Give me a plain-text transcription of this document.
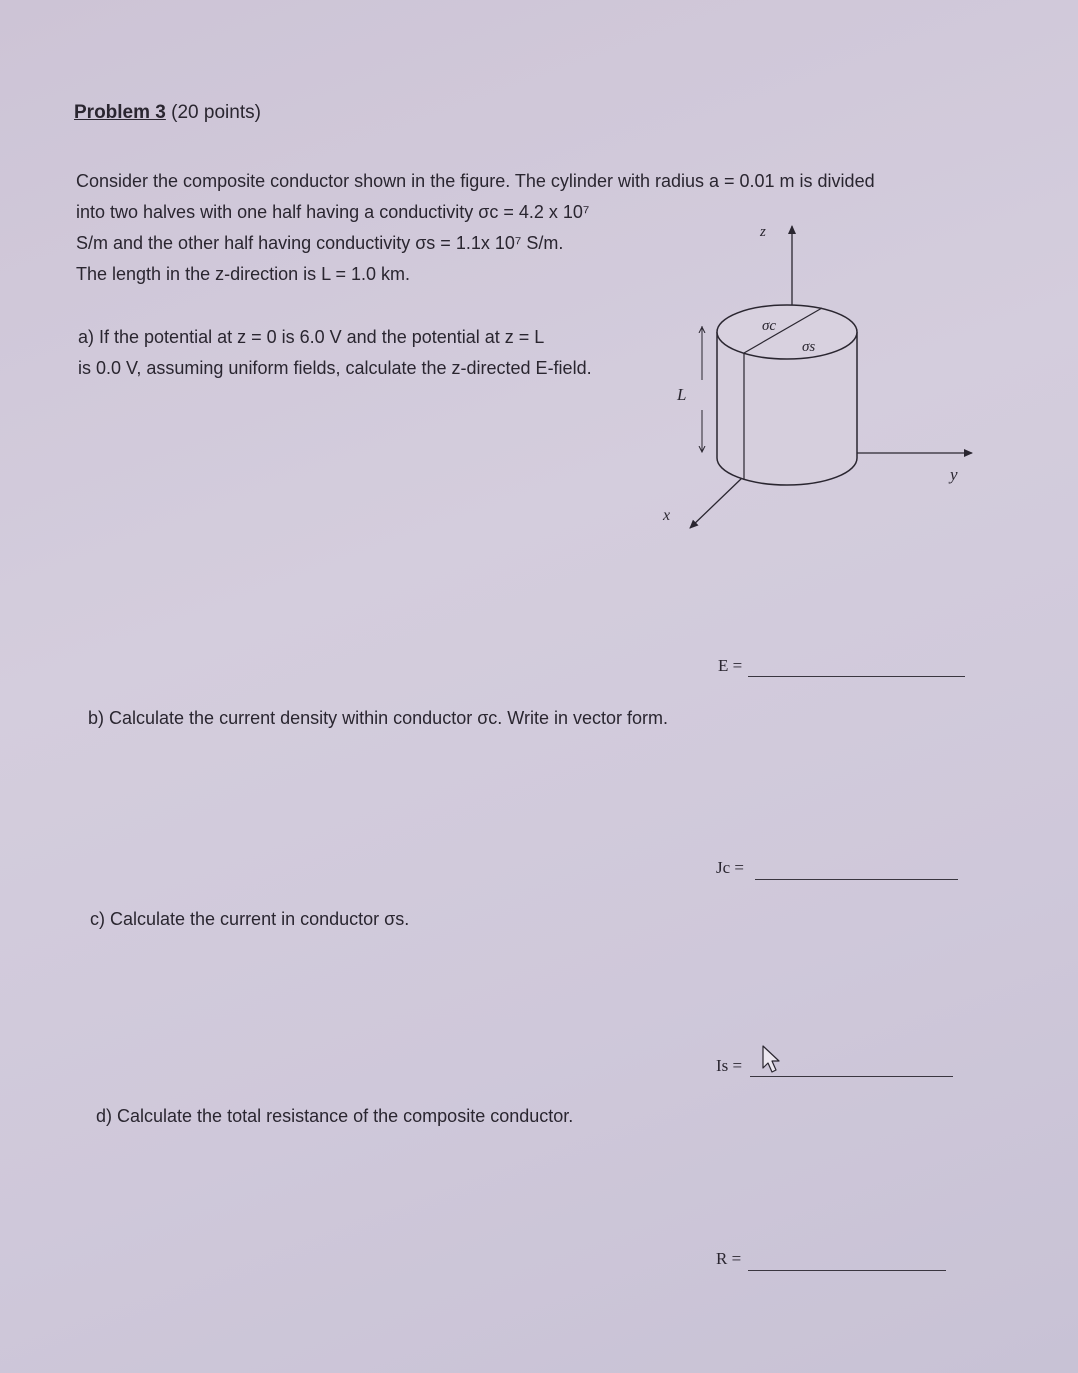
Problem 3 (20 points)
Consider the composite conductor shown in the figure. The cylinder with radius a = 0.01 m is divided
into two halves with one half having a conductivity σc = 4.2 x 10⁷
S/m and the other half having conductivity σs = 1.1x 10⁷ S/m.
The length in the z-direction is L = 1.0 km.
a) If the potential at z = 0 is 6.0 V and the potential at z = L
is 0.0 V, assuming uniform fields, calculate the z-directed E-field.
σc
σs
L
z
y
x
E =
b) Calculate the current density within conductor σc. Write in vector form.
Jc =
c) Calculate the current in conductor σs.
Is =
d) Calculate the total resistance of the composite conductor.
R =
